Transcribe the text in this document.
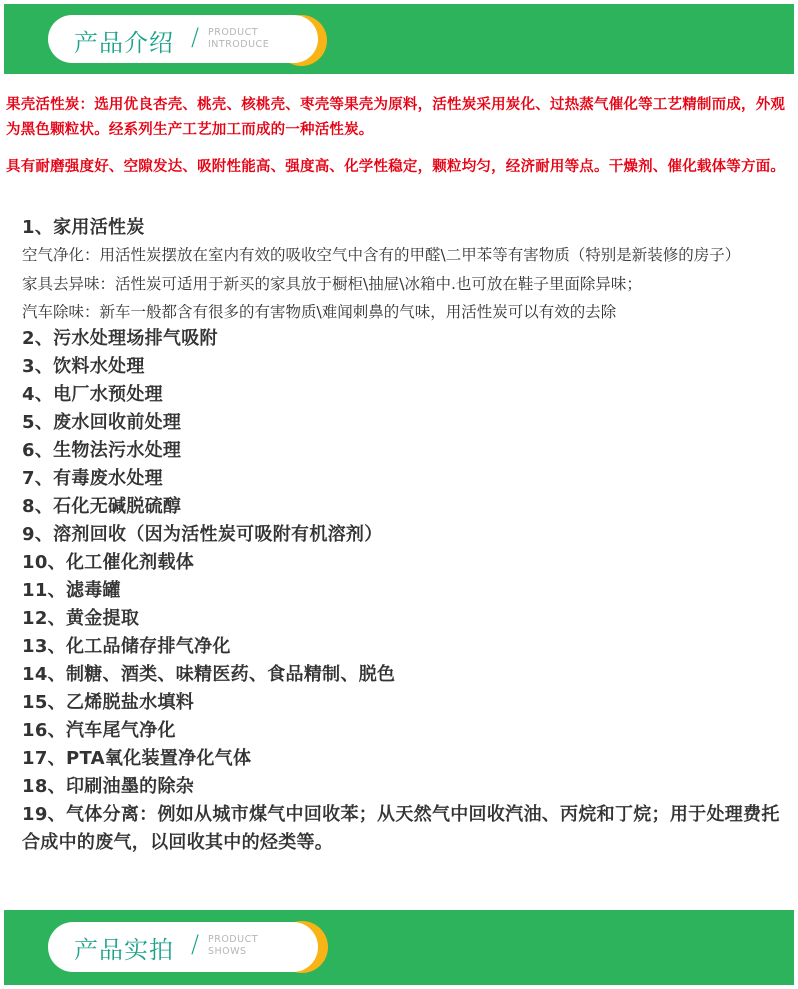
产品介绍 / PRODUCT
INTRODUCE
果壳活性炭：选用优良杏壳、桃壳、核桃壳、枣壳等果壳为原料，活性炭采用炭化、过热蒸气催化等工艺精制而成，外观为黑色颗粒状。经系列生产工艺加工而成的一种活性炭。
具有耐磨强度好、空隙发达、吸附性能高、强度高、化学性稳定，颗粒均匀，经济耐用等点。干燥剂、催化载体等方面。
1、家用活性炭
空气净化：用活性炭摆放在室内有效的吸收空气中含有的甲醛\二甲苯等有害物质（特别是新装修的房子）
家具去异味：活性炭可适用于新买的家具放于橱柜\抽屉\冰箱中.也可放在鞋子里面除异味；
汽车除味：新车一般都含有很多的有害物质\难闻刺鼻的气味，用活性炭可以有效的去除
2、污水处理场排气吸附
3、饮料水处理
4、电厂水预处理
5、废水回收前处理
6、生物法污水处理
7、有毒废水处理
8、石化无碱脱硫醇
9、溶剂回收（因为活性炭可吸附有机溶剂）
10、化工催化剂载体
11、滤毒罐
12、黄金提取
13、化工品储存排气净化
14、制糖、酒类、味精医药、食品精制、脱色
15、乙烯脱盐水填料
16、汽车尾气净化
17、PTA氧化装置净化气体
18、印刷油墨的除杂
19、气体分离：例如从城市煤气中回收苯；从天然气中回收汽油、丙烷和丁烷；用于处理费托合成中的废气，以回收其中的烃类等。
产品实拍 / PRODUCT
SHOWS
